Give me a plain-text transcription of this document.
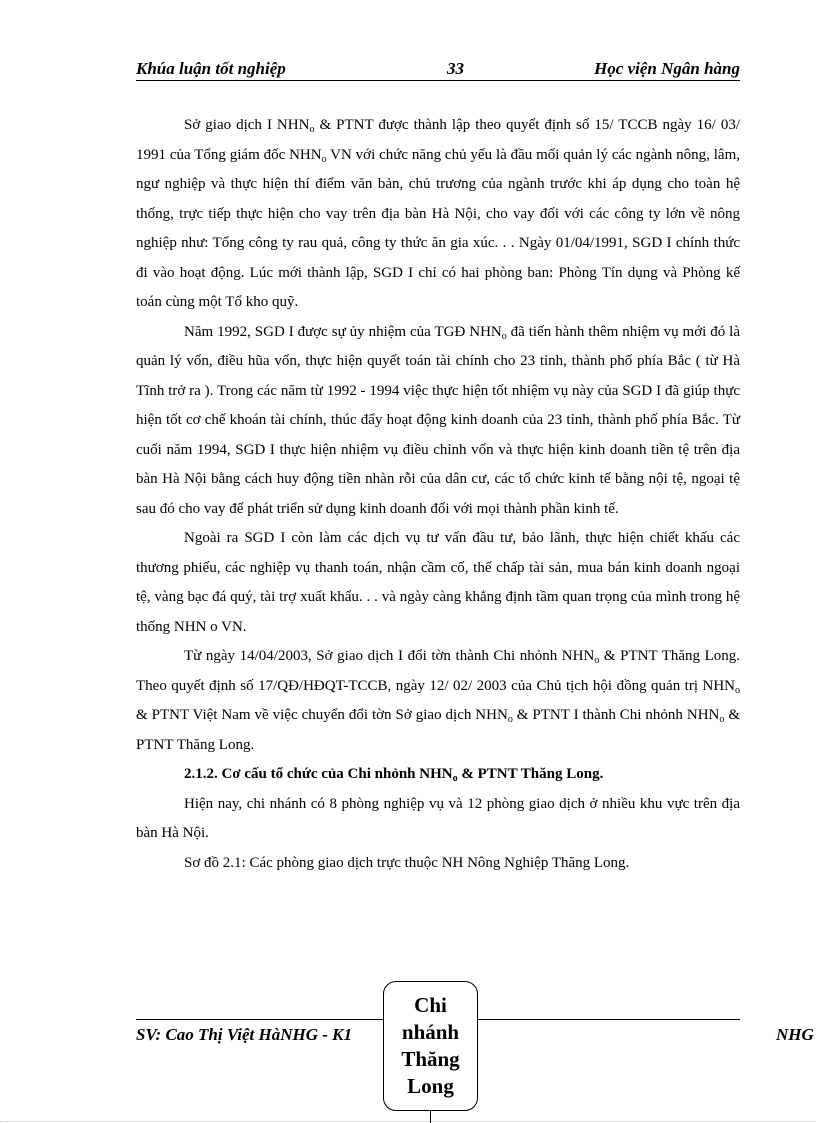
Khúa luận tốt nghiệp	33	Học viện Ngân hàng

Sở giao dịch I $NHN_o$ & PTNT được thành lập theo quyết định số 15/ TCCB ngày 16/ 03/ 1991 của Tổng giám đốc $NHN_o$ VN với chức năng chủ yếu là đầu mối quản lý các ngành nông, lâm, ngư nghiệp và thực hiện thí điểm văn bản, chủ trương của ngành trước khi áp dụng cho toàn hệ thống, trực tiếp thực hiện cho vay trên địa bàn Hà Nội, cho vay đối với các công ty lớn về nông nghiệp như: Tổng công ty rau quả, công ty thức ăn gia xúc. . . Ngày 01/04/1991, SGD I chính thức đi vào hoạt động. Lúc mới thành lập, SGD I chỉ có hai phòng ban: Phòng Tín dụng và Phòng kế toán cùng một Tổ kho quỹ.

Năm 1992, SGD I được sự ủy nhiệm của TGĐ $NHN_o$ đã tiến hành thêm nhiệm vụ mới đó là quản lý vốn, điều hũa vốn, thực hiện quyết toán tài chính cho 23 tỉnh, thành phố phía Bắc ( từ Hà Tĩnh trở ra ). Trong các năm từ 1992 - 1994 việc thực hiện tốt nhiệm vụ này của SGD I đã giúp thực hiện tốt cơ chế khoán tài chính, thúc đẩy hoạt động kinh doanh của 23 tỉnh, thành phố phía Bắc. Từ cuối năm 1994, SGD I thực hiện nhiệm vụ điều chỉnh vốn và thực hiện kinh doanh tiền tệ trên địa bàn Hà Nội bằng cách huy động tiền nhàn rỗi của dân cư, các tổ chức kinh tế bằng nội tệ, ngoại tệ sau đó cho vay để phát triển sử dụng kinh doanh đối với mọi thành phần kinh tế.

Ngoài ra SGD I còn làm các dịch vụ tư vấn đầu tư, bảo lãnh, thực hiện chiết khấu các thương phiếu, các nghiệp vụ thanh toán, nhận cầm cố, thế chấp tài sản, mua bán kinh doanh ngoại tệ, vàng bạc đá quý, tài trợ xuất khẩu. . . và ngày càng khẳng định tầm quan trọng của mình trong hệ thống NHN o VN.

Từ ngày 14/04/2003, Sở giao dịch I đổi tờn thành Chi nhỏnh $NHN_o$ & PTNT Thăng Long. Theo quyết định số 17/QĐ/HĐQT-TCCB, ngày 12/ 02/ 2003 của Chủ tịch hội đồng quản trị $NHN_o$ & PTNT Việt Nam về việc chuyển đổi tờn Sở giao dịch $NHN_o$ & PTNT I thành Chi nhỏnh $NHN_o$ & PTNT Thăng Long.

2.1.2. Cơ cấu tổ chức của Chi nhỏnh $NHN_o$ & PTNT Thăng Long.

Hiện nay, chi nhánh có 8 phòng nghiệp vụ và 12 phòng giao dịch ở nhiều khu vực trên địa bàn Hà Nội.

Sơ đồ 2.1: Các phòng giao dịch trực thuộc NH Nông Nghiệp Thăng Long.

SV: Cao Thị Việt HàNHG - K1	NHG
Chi nhánh Thăng Long
